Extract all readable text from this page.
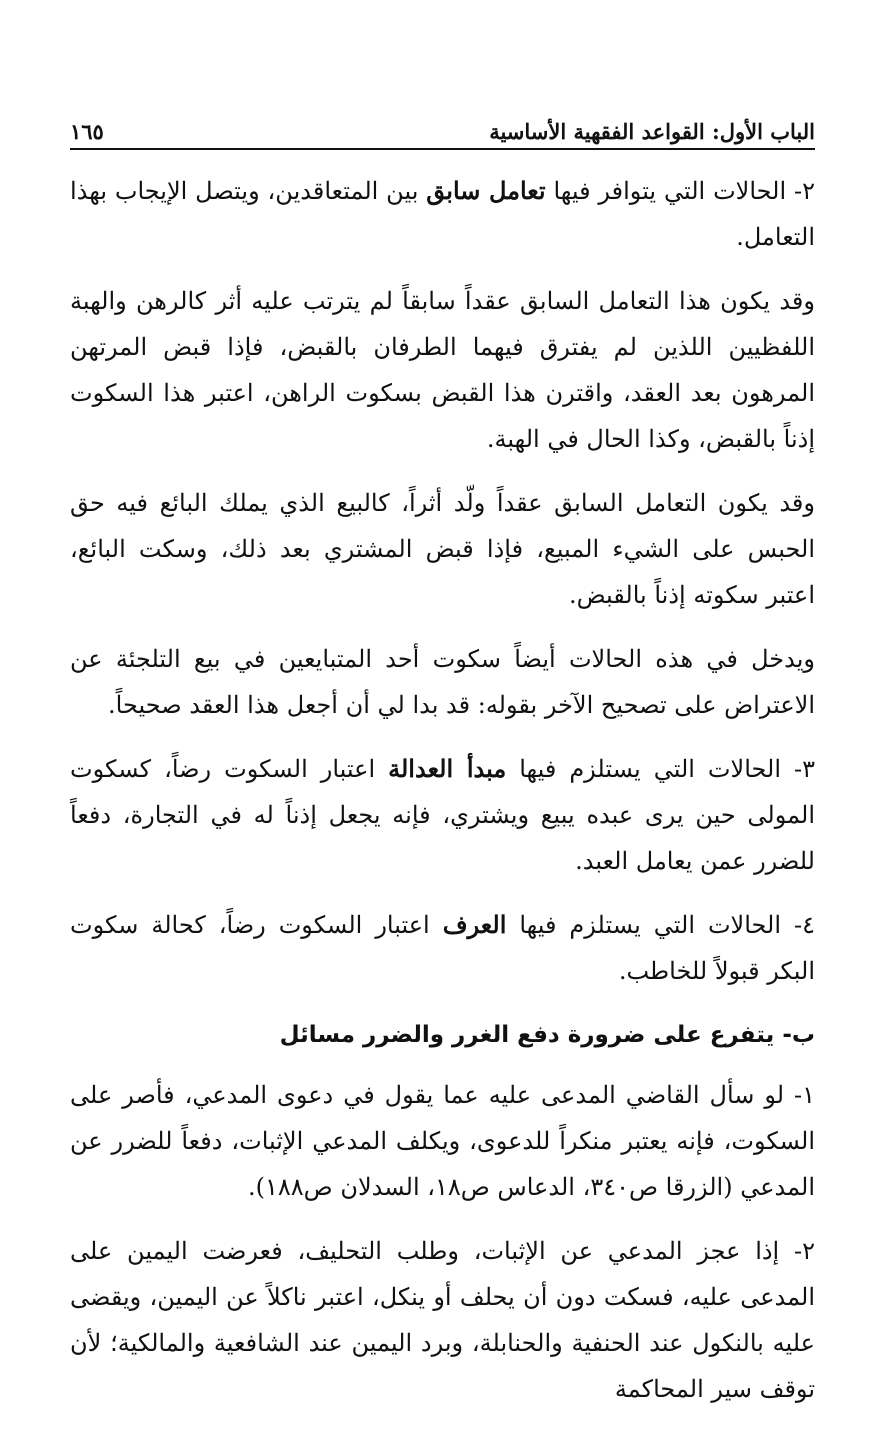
الباب الأول: القواعد الفقهية الأساسية
١٦٥

٢- الحالات التي يتوافر فيها تعامل سابق بين المتعاقدين، ويتصل الإيجاب بهذا التعامل.

وقد يكون هذا التعامل السابق عقداً سابقاً لم يترتب عليه أثر كالرهن والهبة اللفظيين اللذين لم يفترق فيهما الطرفان بالقبض، فإذا قبض المرتهن المرهون بعد العقد، واقترن هذا القبض بسكوت الراهن، اعتبر هذا السكوت إذناً بالقبض، وكذا الحال في الهبة.

وقد يكون التعامل السابق عقداً ولّد أثراً، كالبيع الذي يملك البائع فيه حق الحبس على الشيء المبيع، فإذا قبض المشتري بعد ذلك، وسكت البائع، اعتبر سكوته إذناً بالقبض.

ويدخل في هذه الحالات أيضاً سكوت أحد المتبايعين في بيع التلجئة عن الاعتراض على تصحيح الآخر بقوله: قد بدا لي أن أجعل هذا العقد صحيحاً.

٣- الحالات التي يستلزم فيها مبدأ العدالة اعتبار السكوت رضاً، كسكوت المولى حين يرى عبده يبيع ويشتري، فإنه يجعل إذناً له في التجارة، دفعاً للضرر عمن يعامل العبد.

٤- الحالات التي يستلزم فيها العرف اعتبار السكوت رضاً، كحالة سكوت البكر قبولاً للخاطب.

ب- يتفرع على ضرورة دفع الغرر والضرر مسائل

١- لو سأل القاضي المدعى عليه عما يقول في دعوى المدعي، فأصر على السكوت، فإنه يعتبر منكراً للدعوى، ويكلف المدعي الإثبات، دفعاً للضرر عن المدعي (الزرقا ص٣٤٠، الدعاس ص١٨، السدلان ص١٨٨).

٢- إذا عجز المدعي عن الإثبات، وطلب التحليف، فعرضت اليمين على المدعى عليه، فسكت دون أن يحلف أو ينكل، اعتبر ناكلاً عن اليمين، ويقضى عليه بالنكول عند الحنفية والحنابلة، وبرد اليمين عند الشافعية والمالكية؛ لأن توقف سير المحاكمة
